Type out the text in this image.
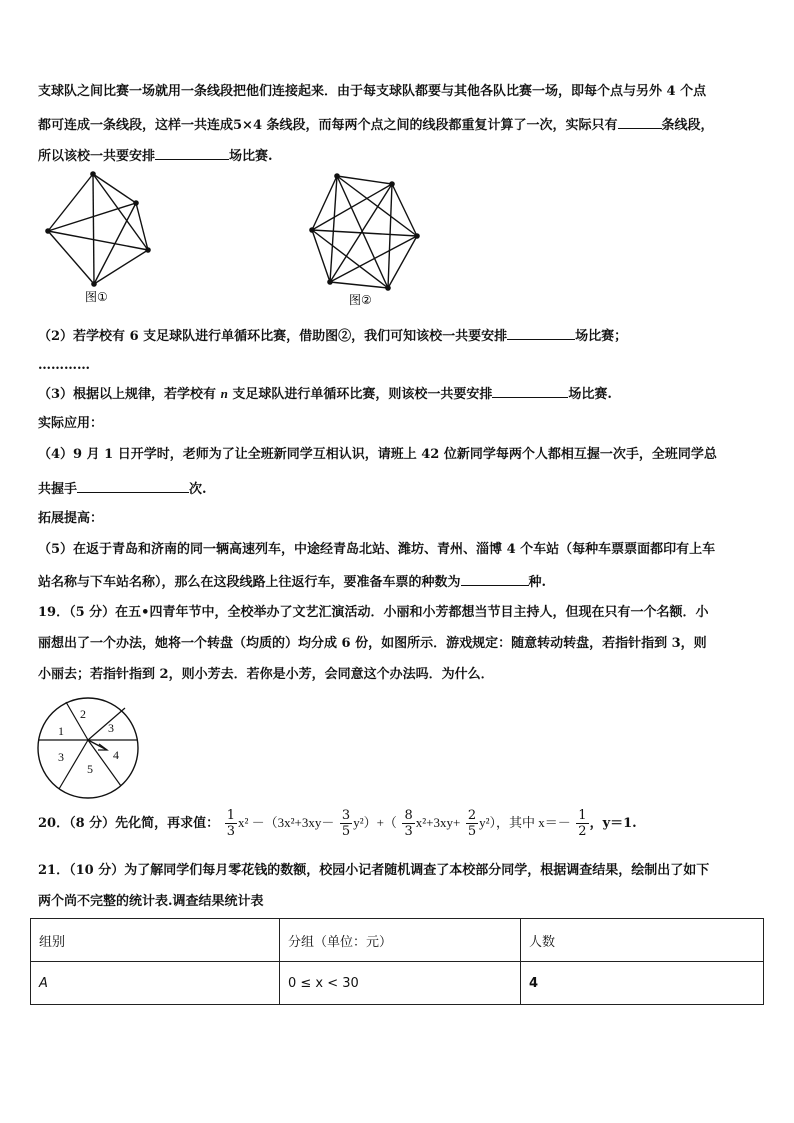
支球队之间比赛一场就用一条线段把他们连接起来．由于每支球队都要与其他各队比赛一场，即每个点与另外 4 个点
都可连成一条线段，这样一共连成5×4 条线段，而每两个点之间的线段都重复计算了一次，实际只有	条线段，
所以该校一共要安排	场比赛.
图①	图②
（2）若学校有 6 支足球队进行单循环比赛，借助图②，我们可知该校一共要安排	场比赛；
…………
（3）根据以上规律，若学校有 n 支足球队进行单循环比赛，则该校一共要安排	场比赛.
实际应用：
（4）9 月 1 日开学时，老师为了让全班新同学互相认识，请班上 42 位新同学每两个人都相互握一次手，全班同学总
共握手	次.
拓展提高：
（5）在返于青岛和济南的同一辆高速列车，中途经青岛北站、潍坊、青州、淄博 4 个车站（每种车票票面都印有上车
站名称与下车站名称），那么在这段线路上往返行车，要准备车票的种数为	种.
19．（5 分）在五•四青年节中，全校举办了文艺汇演活动．小丽和小芳都想当节目主持人，但现在只有一个名额．小
丽想出了一个办法，她将一个转盘（均质的）均分成 6 份，如图所示．游戏规定：随意转动转盘，若指针指到 3，则
小丽去；若指针指到 2，则小芳去．若你是小芳，会同意这个办法吗．为什么．
1
2
3
3	4
5
20．（8 分）先化简，再求值： $\frac{1}{3} x^2 -(3x^2+3xy- \frac{3}{5} y^2)+( \frac{8}{3} x^2+3xy+ \frac{2}{5} y^2)$，其中 $x=- \frac{1}{2}$ ，y＝1.
21．（10 分）为了解同学们每月零花钱的数额，校园小记者随机调查了本校部分同学，根据调查结果，绘制出了如下
两个尚不完整的统计表.调查结果统计表
组别	分组（单位：元）	人数
A	0 ≤ x < 30	4
